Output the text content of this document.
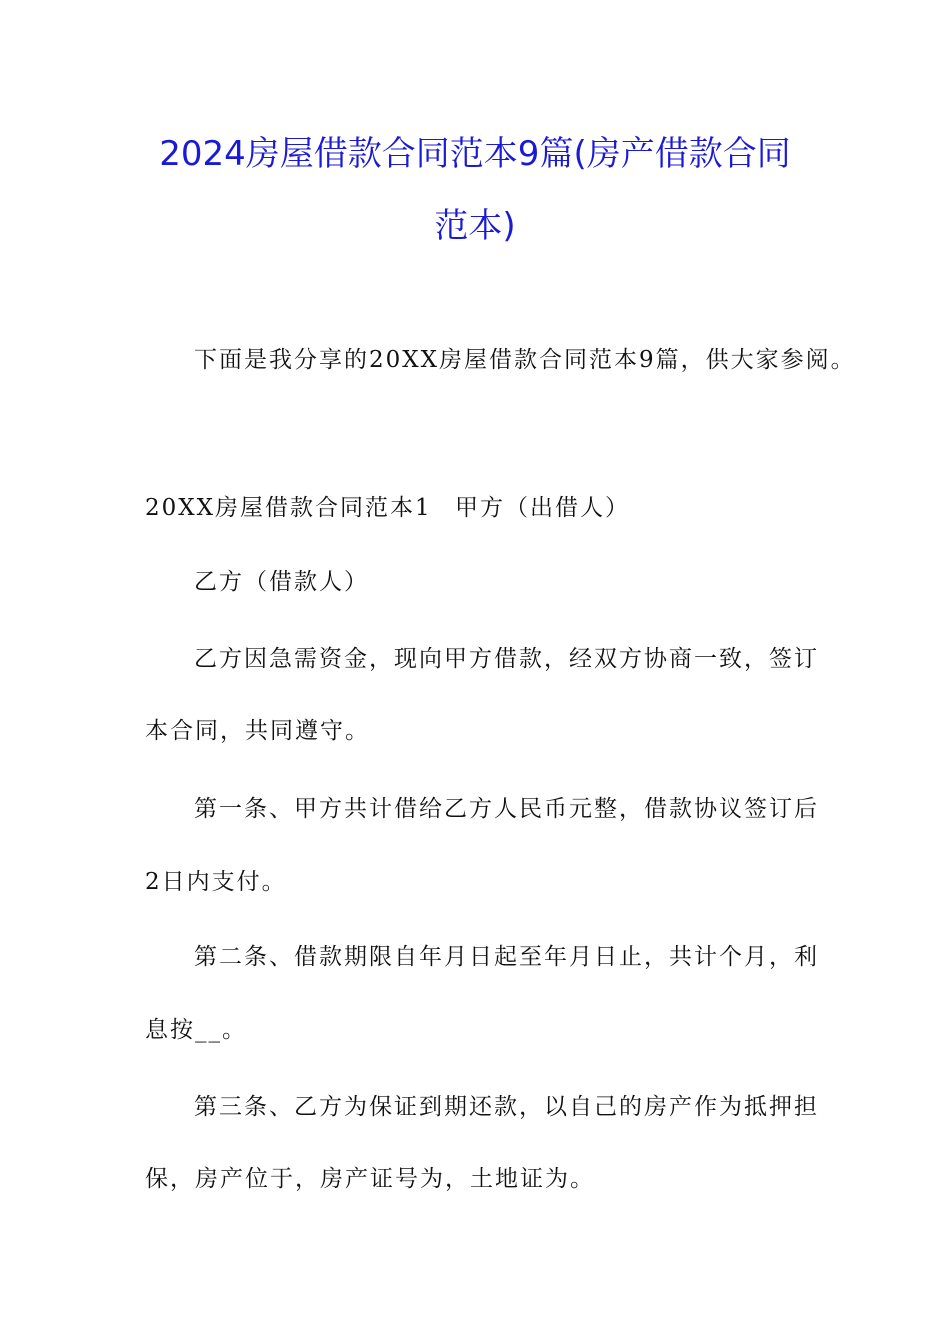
2024房屋借款合同范本9篇(房产借款合同
范本)
下面是我分享的20XX房屋借款合同范本9篇，供大家参阅。
20XX房屋借款合同范本1 甲方（出借人）
乙方（借款人）
乙方因急需资金，现向甲方借款，经双方协商一致，签订
本合同，共同遵守。
第一条、甲方共计借给乙方人民币元整，借款协议签订后
2日内支付。
第二条、借款期限自年月日起至年月日止，共计个月，利
息按__。
第三条、乙方为保证到期还款，以自己的房产作为抵押担
保，房产位于，房产证号为，土地证为。
